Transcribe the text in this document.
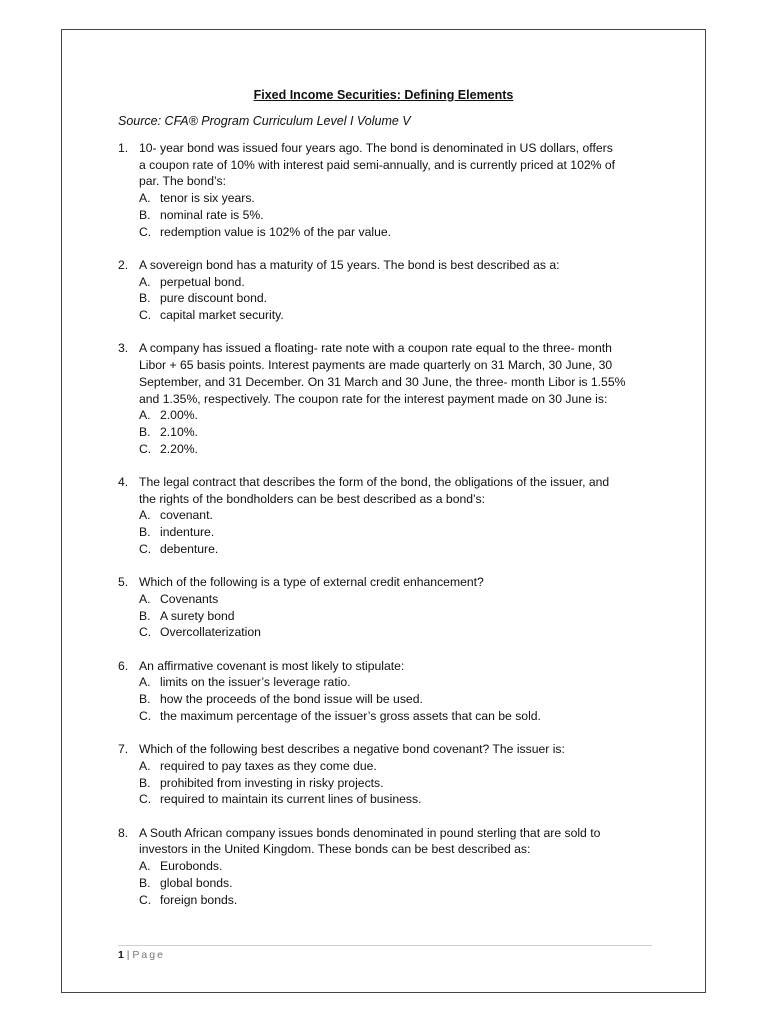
Fixed Income Securities: Defining Elements
Source: CFA® Program Curriculum Level I Volume V
1. 10- year bond was issued four years ago. The bond is denominated in US dollars, offers
a coupon rate of 10% with interest paid semi-annually, and is currently priced at 102% of
par. The bond’s:
A. tenor is six years.
B. nominal rate is 5%.
C. redemption value is 102% of the par value.
2. A sovereign bond has a maturity of 15 years. The bond is best described as a:
A. perpetual bond.
B. pure discount bond.
C. capital market security.
3. A company has issued a floating- rate note with a coupon rate equal to the three- month
Libor + 65 basis points. Interest payments are made quarterly on 31 March, 30 June, 30
September, and 31 December. On 31 March and 30 June, the three- month Libor is 1.55%
and 1.35%, respectively. The coupon rate for the interest payment made on 30 June is:
A. 2.00%.
B. 2.10%.
C. 2.20%.
4. The legal contract that describes the form of the bond, the obligations of the issuer, and
the rights of the bondholders can be best described as a bond’s:
A. covenant.
B. indenture.
C. debenture.
5. Which of the following is a type of external credit enhancement?
A. Covenants
B. A surety bond
C. Overcollaterization
6. An affirmative covenant is most likely to stipulate:
A. limits on the issuer’s leverage ratio.
B. how the proceeds of the bond issue will be used.
C. the maximum percentage of the issuer’s gross assets that can be sold.
7. Which of the following best describes a negative bond covenant? The issuer is:
A. required to pay taxes as they come due.
B. prohibited from investing in risky projects.
C. required to maintain its current lines of business.
8. A South African company issues bonds denominated in pound sterling that are sold to
investors in the United Kingdom. These bonds can be best described as:
A. Eurobonds.
B. global bonds.
C. foreign bonds.
1 | Page
